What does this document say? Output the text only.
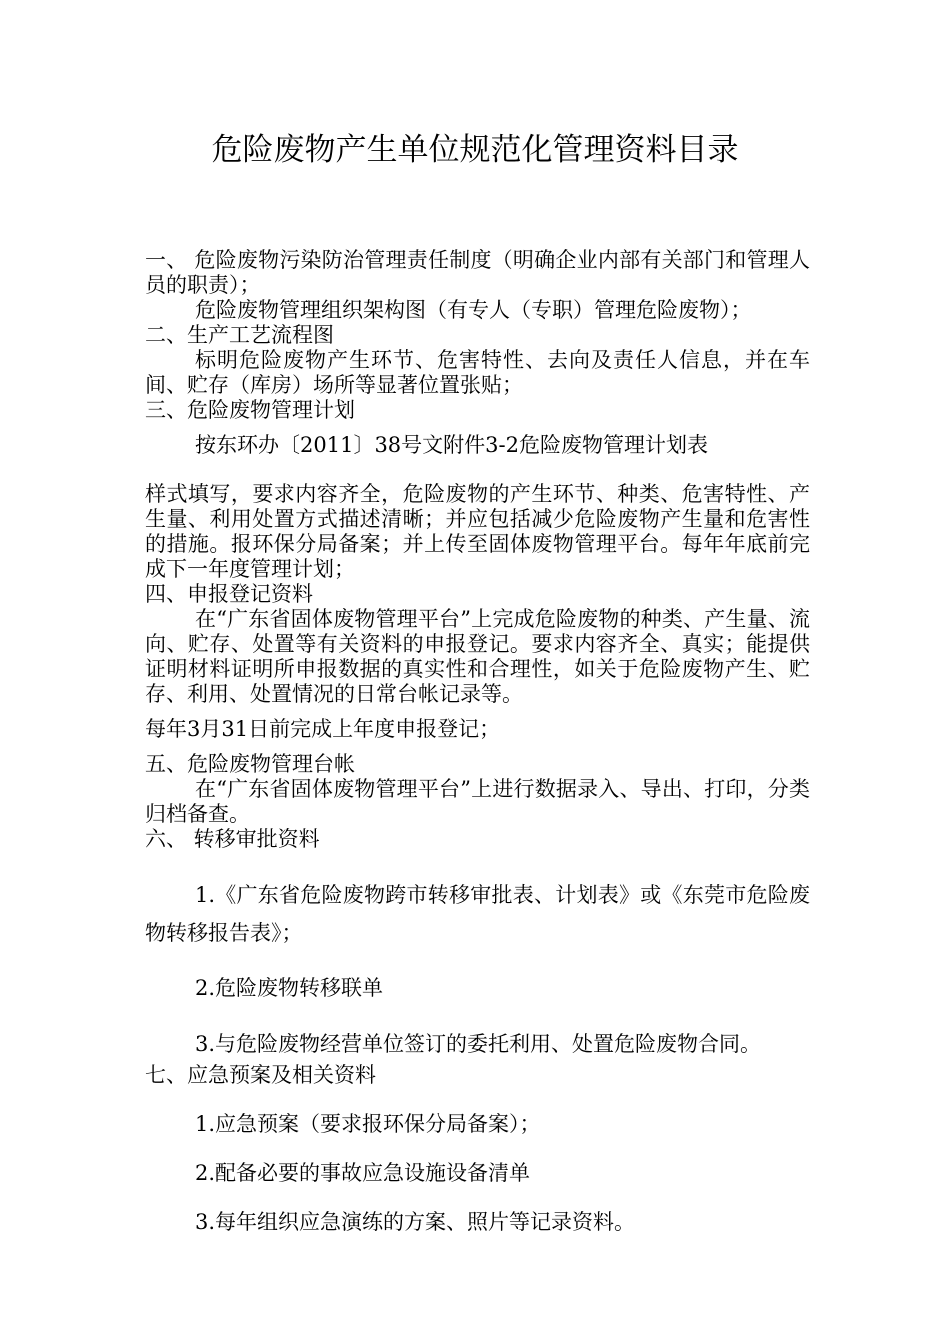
危险废物产生单位规范化管理资料目录

一、 危险废物污染防治管理责任制度（明确企业内部有关部门和管理人员的职责）；

危险废物管理组织架构图（有专人（专职）管理危险废物）；

二、生产工艺流程图

标明危险废物产生环节、危害特性、去向及责任人信息，并在车间、贮存（库房）场所等显著位置张贴；

三、危险废物管理计划

按东环办〔2011〕38号文附件3-2危险废物管理计划表

样式填写，要求内容齐全，危险废物的产生环节、种类、危害特性、产生量、利用处置方式描述清晰；并应包括减少危险废物产生量和危害性的措施。报环保分局备案；并上传至固体废物管理平台。每年年底前完成下一年度管理计划；

四、申报登记资料

在“广东省固体废物管理平台”上完成危险废物的种类、产生量、流向、贮存、处置等有关资料的申报登记。要求内容齐全、真实；能提供证明材料证明所申报数据的真实性和合理性，如关于危险废物产生、贮存、利用、处置情况的日常台帐记录等。

每年3月31日前完成上年度申报登记；

五、危险废物管理台帐

在“广东省固体废物管理平台”上进行数据录入、导出、打印，分类归档备查。

六、 转移审批资料

1.《广东省危险废物跨市转移审批表、计划表》或《东莞市危险废物转移报告表》；

2.危险废物转移联单

3.与危险废物经营单位签订的委托利用、处置危险废物合同。

七、应急预案及相关资料

1.应急预案（要求报环保分局备案）；

2.配备必要的事故应急设施设备清单

3.每年组织应急演练的方案、照片等记录资料。
